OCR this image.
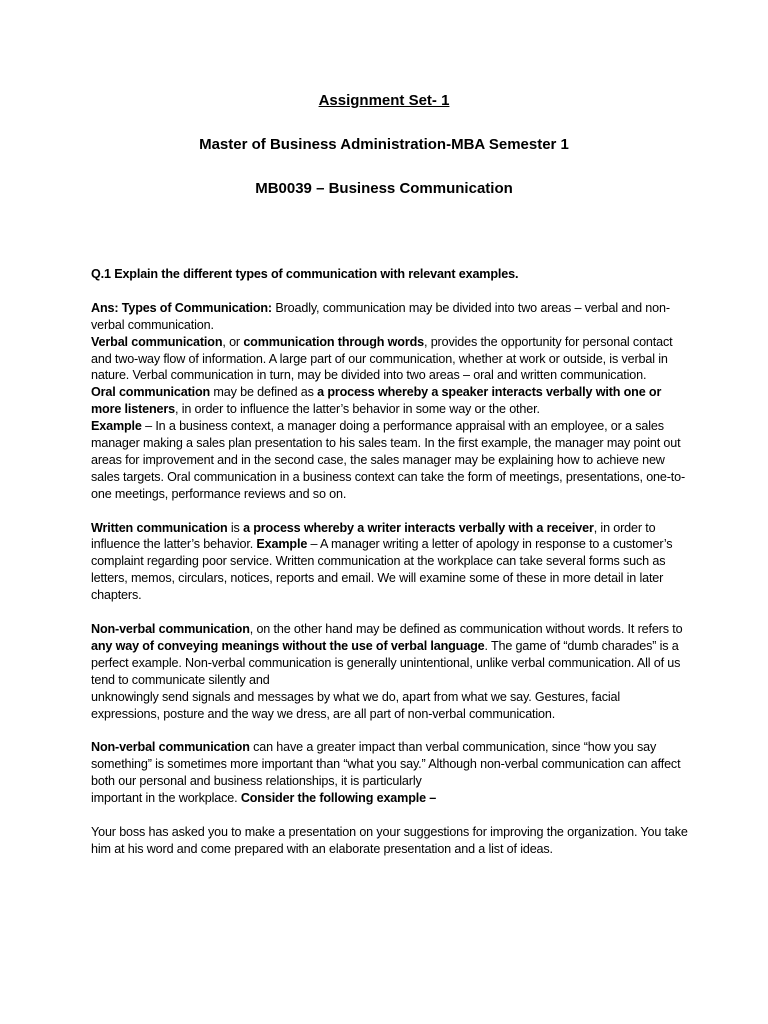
Assignment Set- 1

Master of Business Administration-MBA Semester 1

MB0039 – Business Communication

Q.1 Explain the different types of communication with relevant examples.

Ans: Types of Communication: Broadly, communication may be divided into two areas – verbal and non-verbal communication.

Verbal communication, or communication through words, provides the opportunity for personal contact and two-way flow of information. A large part of our communication, whether at work or outside, is verbal in nature. Verbal communication in turn, may be divided into two areas – oral and written communication.

Oral communication may be defined as a process whereby a speaker interacts verbally with one or more listeners, in order to influence the latter’s behavior in some way or the other.

Example – In a business context, a manager doing a performance appraisal with an employee, or a sales manager making a sales plan presentation to his sales team. In the first example, the manager may point out areas for improvement and in the second case, the sales manager may be explaining how to achieve new sales targets. Oral communication in a business context can take the form of meetings, presentations, one-to-one meetings, performance reviews and so on.

Written communication is a process whereby a writer interacts verbally with a receiver, in order to influence the latter’s behavior. Example – A manager writing a letter of apology in response to a customer’s complaint regarding poor service. Written communication at the workplace can take several forms such as letters, memos, circulars, notices, reports and email. We will examine some of these in more detail in later chapters.

Non-verbal communication, on the other hand may be defined as communication without words. It refers to any way of conveying meanings without the use of verbal language. The game of “dumb charades” is a perfect example. Non-verbal communication is generally unintentional, unlike verbal communication. All of us tend to communicate silently and

unknowingly send signals and messages by what we do, apart from what we say. Gestures, facial expressions, posture and the way we dress, are all part of non-verbal communication.

Non-verbal communication can have a greater impact than verbal communication, since “how you say something” is sometimes more important than “what you say.” Although non-verbal communication can affect both our personal and business relationships, it is particularly

important in the workplace. Consider the following example –

Your boss has asked you to make a presentation on your suggestions for improving the organization. You take him at his word and come prepared with an elaborate presentation and a list of ideas.
